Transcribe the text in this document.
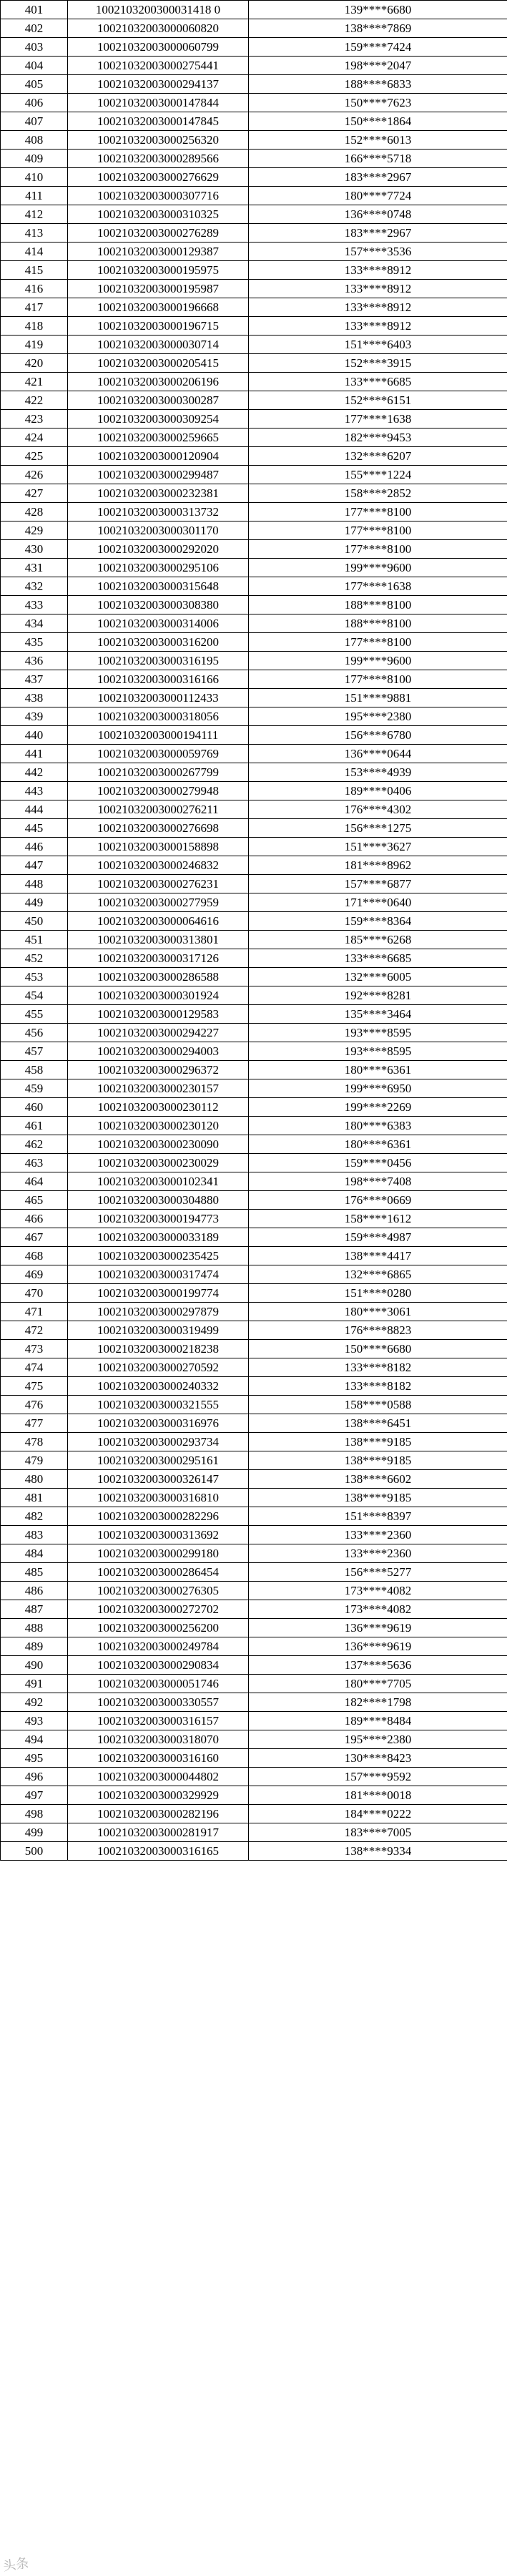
401	1002103200300031418 0	139****6680
402	10021032003000060820	138****7869
403	10021032003000060799	159****7424
404	10021032003000275441	198****2047
405	10021032003000294137	188****6833
406	10021032003000147844	150****7623
407	10021032003000147845	150****1864
408	10021032003000256320	152****6013
409	10021032003000289566	166****5718
410	10021032003000276629	183****2967
411	10021032003000307716	180****7724
412	10021032003000310325	136****0748
413	10021032003000276289	183****2967
414	10021032003000129387	157****3536
415	10021032003000195975	133****8912
416	10021032003000195987	133****8912
417	10021032003000196668	133****8912
418	10021032003000196715	133****8912
419	10021032003000030714	151****6403
420	10021032003000205415	152****3915
421	10021032003000206196	133****6685
422	10021032003000300287	152****6151
423	10021032003000309254	177****1638
424	10021032003000259665	182****9453
425	10021032003000120904	132****6207
426	10021032003000299487	155****1224
427	10021032003000232381	158****2852
428	10021032003000313732	177****8100
429	10021032003000301170	177****8100
430	10021032003000292020	177****8100
431	10021032003000295106	199****9600
432	10021032003000315648	177****1638
433	10021032003000308380	188****8100
434	10021032003000314006	188****8100
435	10021032003000316200	177****8100
436	10021032003000316195	199****9600
437	10021032003000316166	177****8100
438	10021032003000112433	151****9881
439	10021032003000318056	195****2380
440	10021032003000194111	156****6780
441	10021032003000059769	136****0644
442	10021032003000267799	153****4939
443	10021032003000279948	189****0406
444	10021032003000276211	176****4302
445	10021032003000276698	156****1275
446	10021032003000158898	151****3627
447	10021032003000246832	181****8962
448	10021032003000276231	157****6877
449	10021032003000277959	171****0640
450	10021032003000064616	159****8364
451	10021032003000313801	185****6268
452	10021032003000317126	133****6685
453	10021032003000286588	132****6005
454	10021032003000301924	192****8281
455	10021032003000129583	135****3464
456	10021032003000294227	193****8595
457	10021032003000294003	193****8595
458	10021032003000296372	180****6361
459	10021032003000230157	199****6950
460	10021032003000230112	199****2269
461	10021032003000230120	180****6383
462	10021032003000230090	180****6361
463	10021032003000230029	159****0456
464	10021032003000102341	198****7408
465	10021032003000304880	176****0669
466	10021032003000194773	158****1612
467	10021032003000033189	159****4987
468	10021032003000235425	138****4417
469	10021032003000317474	132****6865
470	10021032003000199774	151****0280
471	10021032003000297879	180****3061
472	10021032003000319499	176****8823
473	10021032003000218238	150****6680
474	10021032003000270592	133****8182
475	10021032003000240332	133****8182
476	10021032003000321555	158****0588
477	10021032003000316976	138****6451
478	10021032003000293734	138****9185
479	10021032003000295161	138****9185
480	10021032003000326147	138****6602
481	10021032003000316810	138****9185
482	10021032003000282296	151****8397
483	10021032003000313692	133****2360
484	10021032003000299180	133****2360
485	10021032003000286454	156****5277
486	10021032003000276305	173****4082
487	10021032003000272702	173****4082
488	10021032003000256200	136****9619
489	10021032003000249784	136****9619
490	10021032003000290834	137****5636
491	10021032003000051746	180****7705
492	10021032003000330557	182****1798
493	10021032003000316157	189****8484
494	10021032003000318070	195****2380
495	10021032003000316160	130****8423
496	10021032003000044802	157****9592
497	10021032003000329929	181****0018
498	10021032003000282196	184****0222
499	10021032003000281917	183****7005
500	10021032003000316165	138****9334
头条
